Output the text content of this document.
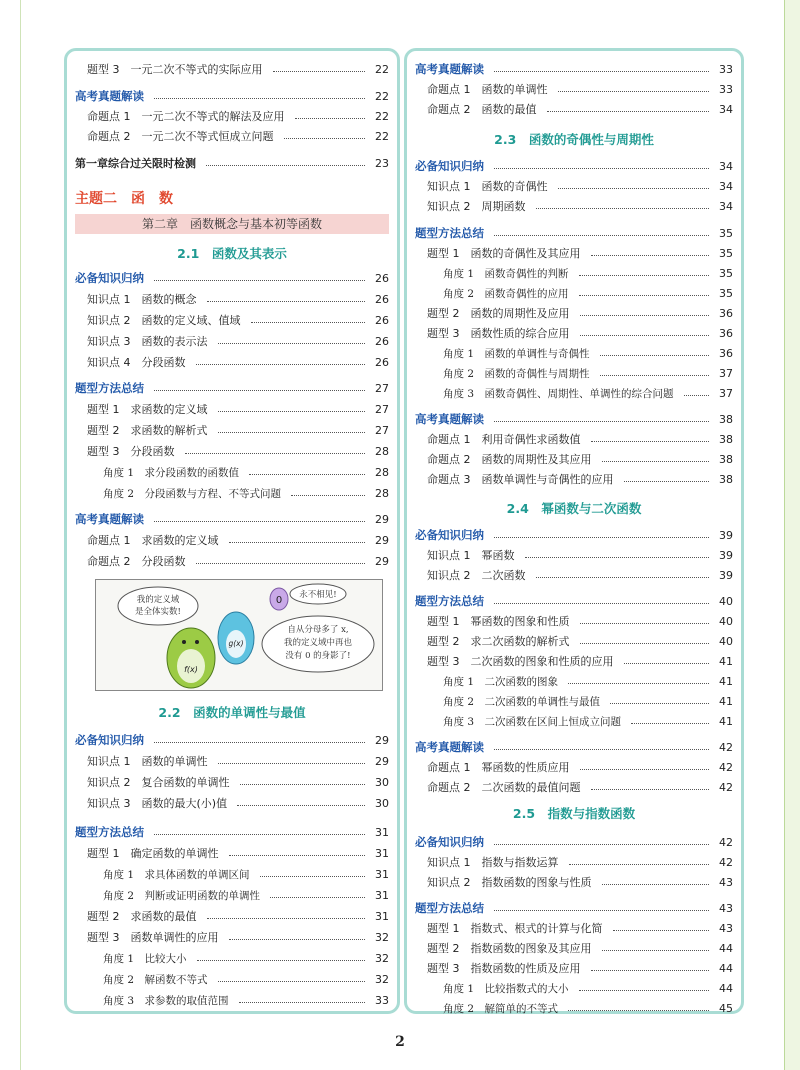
题型 3　一元二次不等式的实际应用	22
高考真题解读	22
命题点 1　一元二次不等式的解法及应用	22
命题点 2　一元二次不等式恒成立问题	22
第一章综合过关限时检测	23
主题二　函　数
第二章　函数概念与基本初等函数
2.1　函数及其表示
必备知识归纳	26
知识点 1　函数的概念	26
知识点 2　函数的定义域、值域	26
知识点 3　函数的表示法	26
知识点 4　分段函数	26
题型方法总结	27
题型 1　求函数的定义域	27
题型 2　求函数的解析式	27
题型 3　分段函数	28
角度 1　求分段函数的函数值	28
角度 2　分段函数与方程、不等式问题	28
高考真题解读	29
命题点 1　求函数的定义域	29
命题点 2　分段函数	29
我的定义域
是全体实数!
f(x)
g(x)
0 永不相见!
自从分母多了 x,
我的定义域中再也
没有 0 的身影了!
2.2　函数的单调性与最值
必备知识归纳	29
知识点 1　函数的单调性	29
知识点 2　复合函数的单调性	30
知识点 3　函数的最大(小)值	30
题型方法总结	31
题型 1　确定函数的单调性	31
角度 1　求具体函数的单调区间	31
角度 2　判断或证明函数的单调性	31
题型 2　求函数的最值	31
题型 3　函数单调性的应用	32
角度 1　比较大小	32
角度 2　解函数不等式	32
角度 3　求参数的取值范围	33
高考真题解读	33
命题点 1　函数的单调性	33
命题点 2　函数的最值	34
2.3　函数的奇偶性与周期性
必备知识归纳	34
知识点 1　函数的奇偶性	34
知识点 2　周期函数	34
题型方法总结	35
题型 1　函数的奇偶性及其应用	35
角度 1　函数奇偶性的判断	35
角度 2　函数奇偶性的应用	35
题型 2　函数的周期性及应用	36
题型 3　函数性质的综合应用	36
角度 1　函数的单调性与奇偶性	36
角度 2　函数的奇偶性与周期性	37
角度 3　函数奇偶性、周期性、单调性的综合问题	37
高考真题解读	38
命题点 1　利用奇偶性求函数值	38
命题点 2　函数的周期性及其应用	38
命题点 3　函数单调性与奇偶性的应用	38
2.4　幂函数与二次函数
必备知识归纳	39
知识点 1　幂函数	39
知识点 2　二次函数	39
题型方法总结	40
题型 1　幂函数的图象和性质	40
题型 2　求二次函数的解析式	40
题型 3　二次函数的图象和性质的应用	41
角度 1　二次函数的图象	41
角度 2　二次函数的单调性与最值	41
角度 3　二次函数在区间上恒成立问题	41
高考真题解读	42
命题点 1　幂函数的性质应用	42
命题点 2　二次函数的最值问题	42
2.5　指数与指数函数
必备知识归纳	42
知识点 1　指数与指数运算	42
知识点 2　指数函数的图象与性质	43
题型方法总结	43
题型 1　指数式、根式的计算与化简	43
题型 2　指数函数的图象及其应用	44
题型 3　指数函数的性质及应用	44
角度 1　比较指数式的大小	44
角度 2　解简单的不等式	45
2
